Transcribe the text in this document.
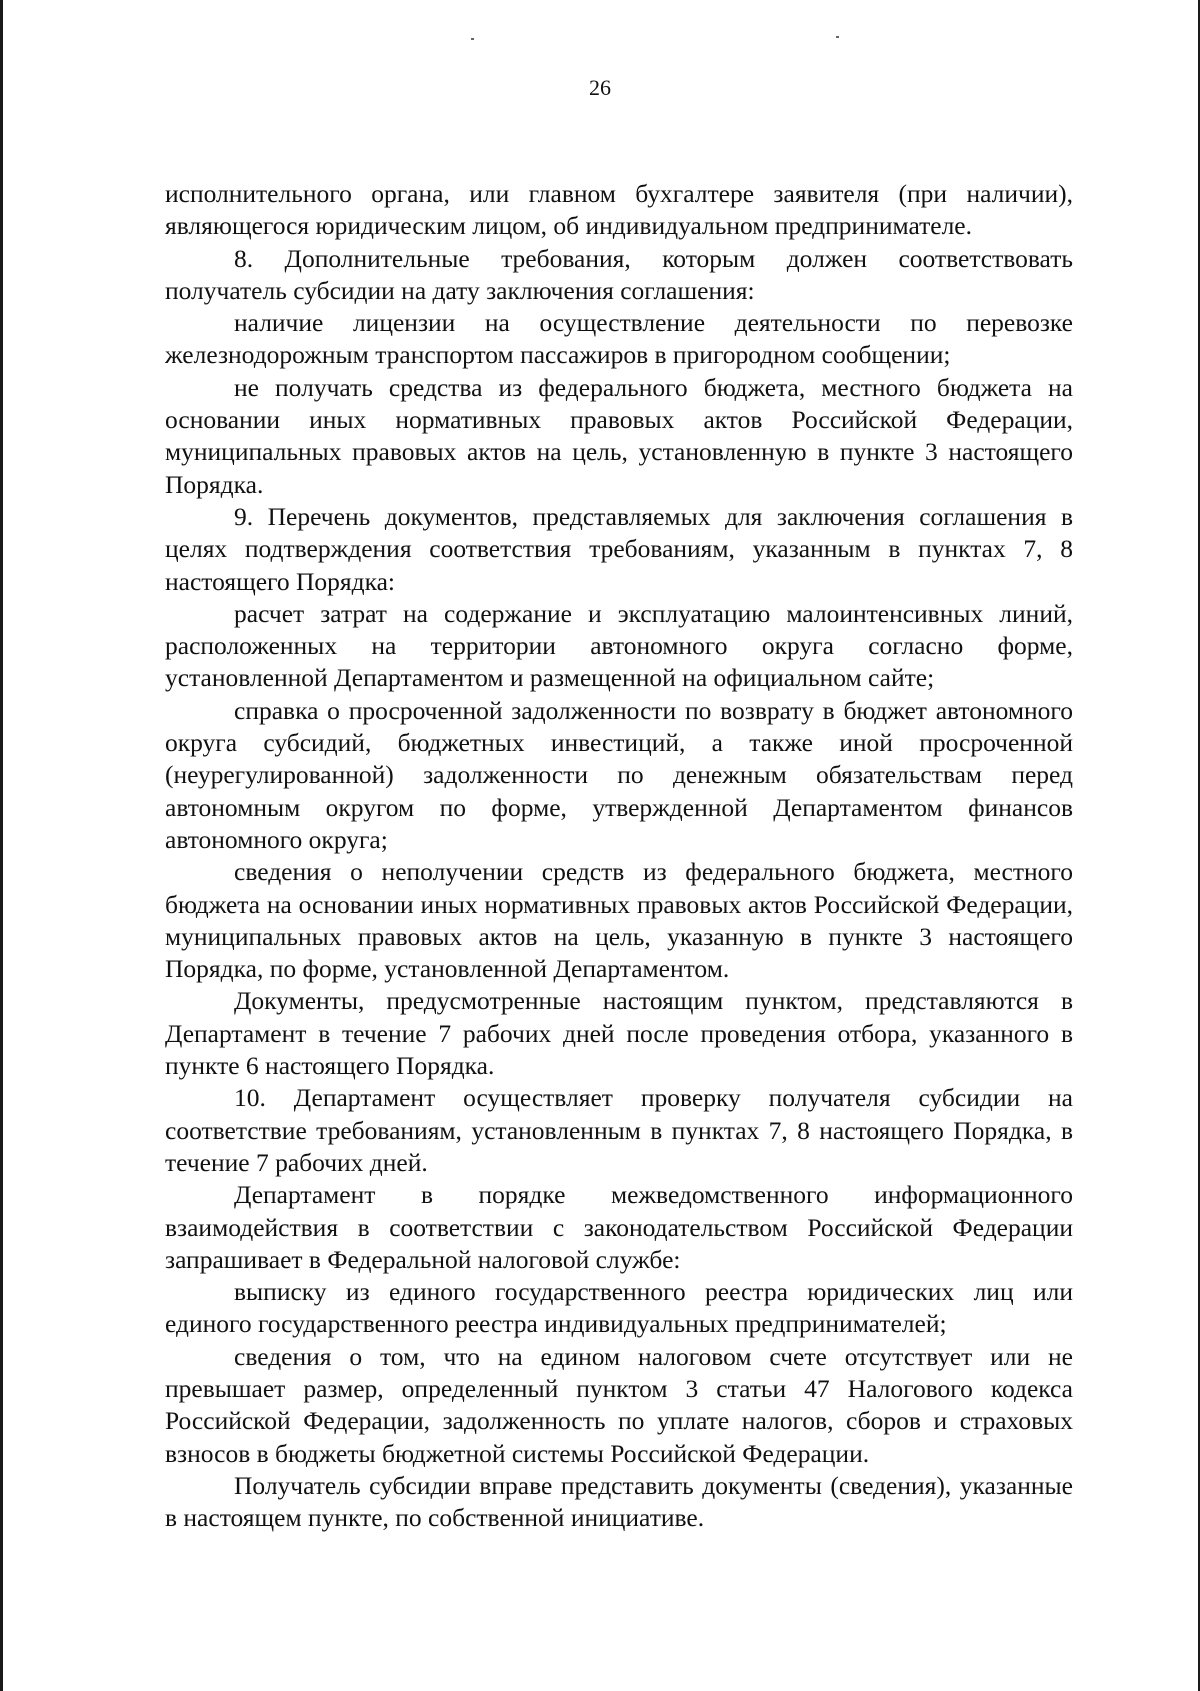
26

исполнительного органа, или главном бухгалтере заявителя (при наличии), являющегося юридическим лицом, об индивидуальном предпринимателе.

8. Дополнительные требования, которым должен соответствовать получатель субсидии на дату заключения соглашения:

наличие лицензии на осуществление деятельности по перевозке железнодорожным транспортом пассажиров в пригородном сообщении;

не получать средства из федерального бюджета, местного бюджета на основании иных нормативных правовых актов Российской Федерации, муниципальных правовых актов на цель, установленную в пункте 3 настоящего Порядка.

9. Перечень документов, представляемых для заключения соглашения в целях подтверждения соответствия требованиям, указанным в пунктах 7, 8 настоящего Порядка:

расчет затрат на содержание и эксплуатацию малоинтенсивных линий, расположенных на территории автономного округа согласно форме, установленной Департаментом и размещенной на официальном сайте;

справка о просроченной задолженности по возврату в бюджет автономного округа субсидий, бюджетных инвестиций, а также иной просроченной (неурегулированной) задолженности по денежным обязательствам перед автономным округом по форме, утвержденной Департаментом финансов автономного округа;

сведения о неполучении средств из федерального бюджета, местного бюджета на основании иных нормативных правовых актов Российской Федерации, муниципальных правовых актов на цель, указанную в пункте 3 настоящего Порядка, по форме, установленной Департаментом.

Документы, предусмотренные настоящим пунктом, представляются в Департамент в течение 7 рабочих дней после проведения отбора, указанного в пункте 6 настоящего Порядка.

10. Департамент осуществляет проверку получателя субсидии на соответствие требованиям, установленным в пунктах 7, 8 настоящего Порядка, в течение 7 рабочих дней.

Департамент в порядке межведомственного информационного взаимодействия в соответствии с законодательством Российской Федерации запрашивает в Федеральной налоговой службе:

выписку из единого государственного реестра юридических лиц или единого государственного реестра индивидуальных предпринимателей;

сведения о том, что на едином налоговом счете отсутствует или не превышает размер, определенный пунктом 3 статьи 47 Налогового кодекса Российской Федерации, задолженность по уплате налогов, сборов и страховых взносов в бюджеты бюджетной системы Российской Федерации.

Получатель субсидии вправе представить документы (сведения), указанные в настоящем пункте, по собственной инициативе.
